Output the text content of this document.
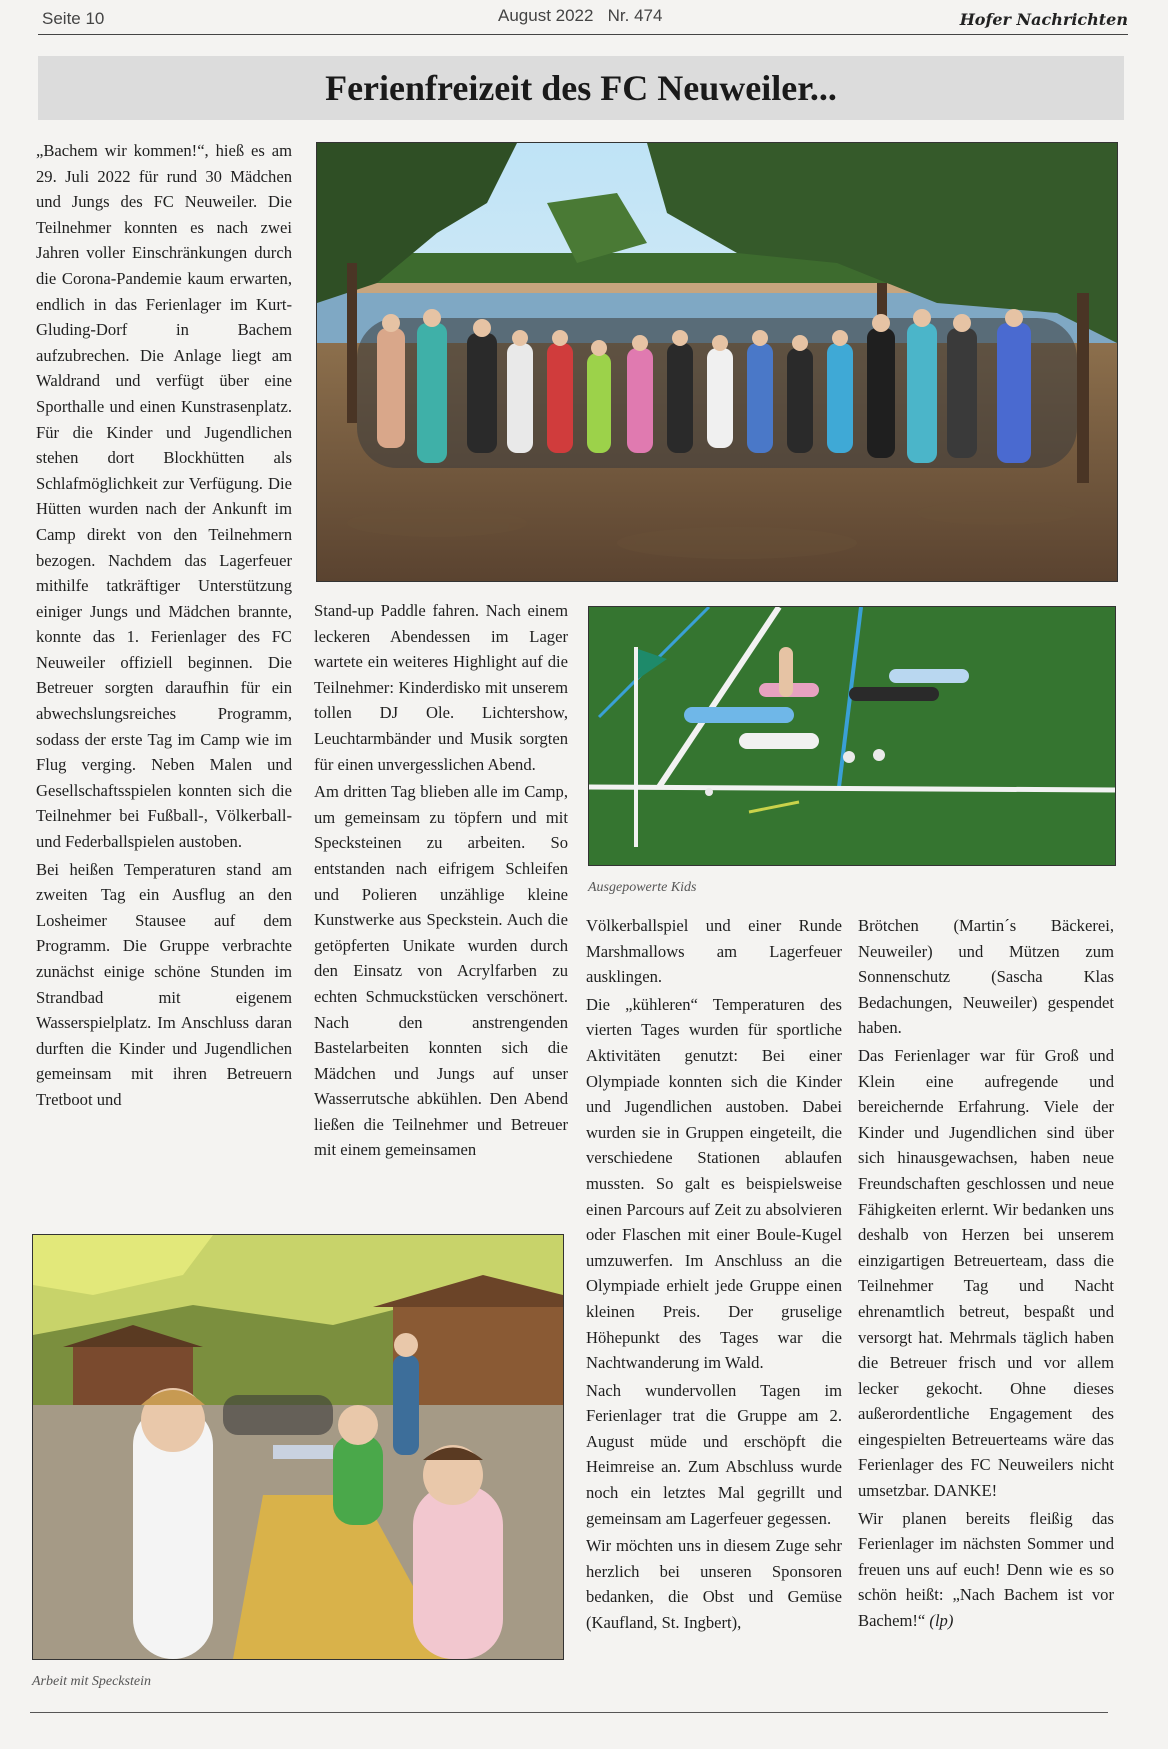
Seite 10	August 2022   Nr. 474	Hofer Nachrichten
Ferienfreizeit des FC Neuweiler...

„Bachem wir kommen!“, hieß es am 29. Juli 2022 für rund 30 Mädchen und Jungs des FC Neuweiler. Die Teilnehmer konnten es nach zwei Jahren voller Einschränkungen durch die Corona-Pandemie kaum erwarten, endlich in das Ferienlager im Kurt-Gluding-Dorf in Bachem aufzubrechen. Die Anlage liegt am Waldrand und verfügt über eine Sporthalle und einen Kunstrasenplatz. Für die Kinder und Jugendlichen stehen dort Blockhütten als Schlafmöglichkeit zur Verfügung. Die Hütten wurden nach der Ankunft im Camp direkt von den Teilnehmern bezogen. Nachdem das Lagerfeuer mithilfe tatkräftiger Unterstützung einiger Jungs und Mädchen brannte, konnte das 1. Ferienlager des FC Neuweiler offiziell beginnen. Die Betreuer sorgten daraufhin für ein abwechslungsreiches Programm, sodass der erste Tag im Camp wie im Flug verging. Neben Malen und Gesellschaftsspielen konnten sich die Teilnehmer bei Fußball-, Völkerball- und Federballspielen austoben.

Bei heißen Temperaturen stand am zweiten Tag ein Ausflug an den Losheimer Stausee auf dem Programm. Die Gruppe verbrachte zunächst einige schöne Stunden im Strandbad mit eigenem Wasserspielplatz. Im Anschluss daran durften die Kinder und Jugendlichen gemeinsam mit ihren Betreuern Tretboot und

Stand-up Paddle fahren. Nach einem leckeren Abendessen im Lager wartete ein weiteres Highlight auf die Teilnehmer: Kinderdisko mit unserem tollen DJ Ole. Lichtershow, Leuchtarmbänder und Musik sorgten für einen unvergesslichen Abend.

Am dritten Tag blieben alle im Camp, um gemeinsam zu töpfern und mit Specksteinen zu arbeiten. So entstanden nach eifrigem Schleifen und Polieren unzählige kleine Kunstwerke aus Speckstein. Auch die getöpferten Unikate wurden durch den Einsatz von Acrylfarben zu echten Schmuckstücken verschönert. Nach den anstrengenden Bastelarbeiten konnten sich die Mädchen und Jungs auf unser Wasserrutsche abkühlen. Den Abend ließen die Teilnehmer und Betreuer mit einem gemeinsamen

Ausgepowerte Kids

Völkerballspiel und einer Runde Marshmallows am Lagerfeuer ausklingen.

Die „kühleren“ Temperaturen des vierten Tages wurden für sportliche Aktivitäten genutzt: Bei einer Olympiade konnten sich die Kinder und Jugendlichen austoben. Dabei wurden sie in Gruppen eingeteilt, die verschiedene Stationen ablaufen mussten. So galt es beispielsweise einen Parcours auf Zeit zu absolvieren oder Flaschen mit einer Boule-Kugel umzuwerfen. Im Anschluss an die Olympiade erhielt jede Gruppe einen kleinen Preis. Der gruselige Höhepunkt des Tages war die Nachtwanderung im Wald.

Nach wundervollen Tagen im Ferienlager trat die Gruppe am 2. August müde und erschöpft die Heimreise an. Zum Abschluss wurde noch ein letztes Mal gegrillt und gemeinsam am Lagerfeuer gegessen.

Wir möchten uns in diesem Zuge sehr herzlich bei unseren Sponsoren bedanken, die Obst und Gemüse (Kaufland, St. Ingbert),

Brötchen (Martin´s Bäckerei, Neuweiler) und Mützen zum Sonnenschutz (Sascha Klas Bedachungen, Neuweiler) gespendet haben.

Das Ferienlager war für Groß und Klein eine aufregende und bereichernde Erfahrung. Viele der Kinder und Jugendlichen sind über sich hinausgewachsen, haben neue Freundschaften geschlossen und neue Fähigkeiten erlernt. Wir bedanken uns deshalb von Herzen bei unserem einzigartigen Betreuerteam, dass die Teilnehmer Tag und Nacht ehrenamtlich betreut, bespaßt und versorgt hat. Mehrmals täglich haben die Betreuer frisch und vor allem lecker gekocht. Ohne dieses außerordentliche Engagement des eingespielten Betreuerteams wäre das Ferienlager des FC Neuweilers nicht umsetzbar. DANKE!

Wir planen bereits fleißig das Ferienlager im nächsten Sommer und freuen uns auf euch! Denn wie es so schön heißt: „Nach Bachem ist vor Bachem!“ (lp)

Arbeit mit Speckstein
